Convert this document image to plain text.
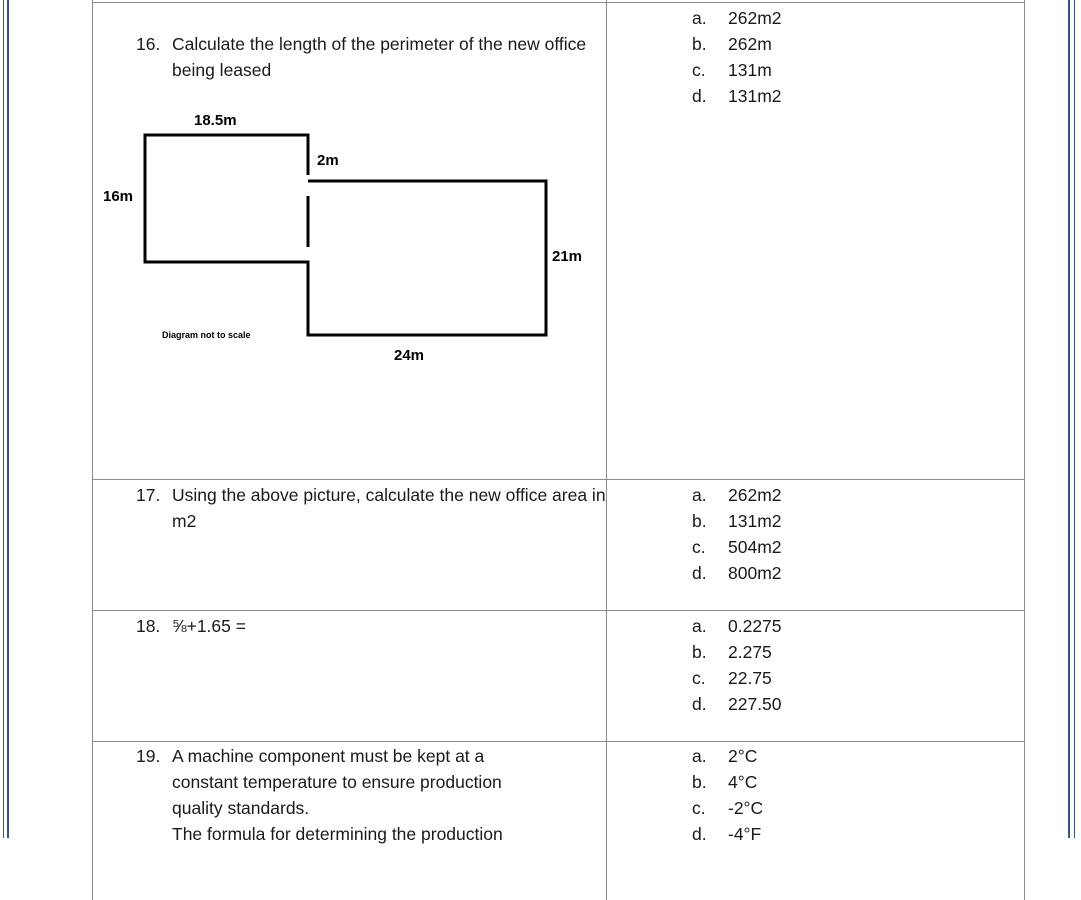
16. Calculate the length of the perimeter of the new office being leased
a. 262m2
b. 262m
c. 131m
d. 131m2
18.5m
16m
2m
21m
24m
Diagram not to scale
17. Using the above picture, calculate the new office area in m2
a. 262m2
b. 131m2
c. 504m2
d. 800m2
18. ⅝+1.65 =	a. 0.2275
b. 2.275
c. 22.75
d. 227.50
19. A machine component must be kept at a
constant temperature to ensure production
quality standards.
The formula for determining the production
a. 2°C
b. 4°C
c. -2°C
d. -4°F
